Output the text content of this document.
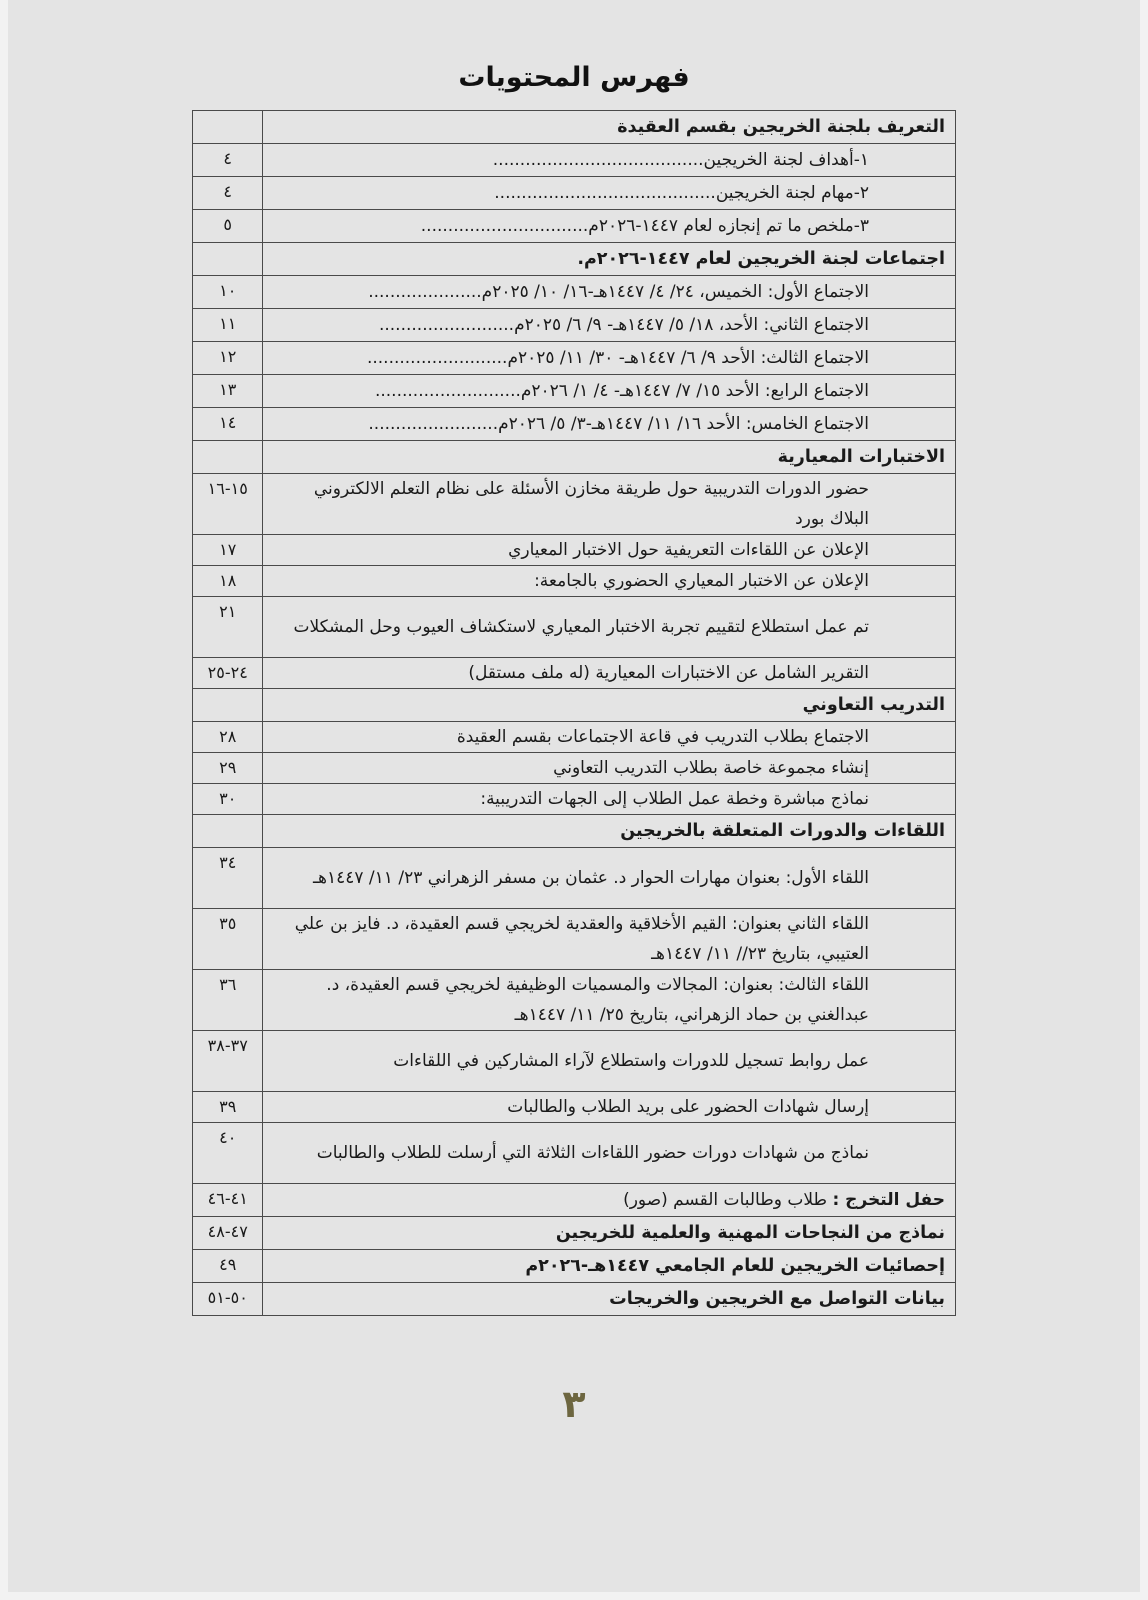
فهرس المحتويات
التعريف بلجنة الخريجين بقسم العقيدة	
١-أهداف لجنة الخريجين.......................................	٤
٢-مهام لجنة الخريجين.........................................	٤
٣-ملخص ما تم إنجازه لعام ١٤٤٧-٢٠٢٦م...............................	٥
اجتماعات لجنة الخريجين لعام ١٤٤٧-٢٠٢٦م.	
الاجتماع الأول: الخميس، ٢٤/ ٤/ ١٤٤٧هـ-١٦/ ١٠/ ٢٠٢٥م.....................	١٠
الاجتماع الثاني: الأحد، ١٨/ ٥/ ١٤٤٧هـ- ٩/ ٦/ ٢٠٢٥م.........................	١١
الاجتماع الثالث: الأحد ٩/ ٦/ ١٤٤٧هـ- ٣٠/ ١١/ ٢٠٢٥م..........................	١٢
الاجتماع الرابع: الأحد ١٥/ ٧/ ١٤٤٧هـ- ٤/ ١/ ٢٠٢٦م...........................	١٣
الاجتماع الخامس: الأحد ١٦/ ١١/ ١٤٤٧هـ-٣/ ٥/ ٢٠٢٦م........................	١٤
الاختبارات المعيارية	
حضور الدورات التدريبية حول طريقة مخازن الأسئلة على نظام التعلم الالكتروني البلاك بورد	١٥-١٦
الإعلان عن اللقاءات التعريفية حول الاختبار المعياري	١٧
الإعلان عن الاختبار المعياري الحضوري بالجامعة:	١٨
تم عمل استطلاع لتقييم تجربة الاختبار المعياري لاستكشاف العيوب وحل المشكلات	٢١
التقرير الشامل عن الاختبارات المعيارية (له ملف مستقل)	٢٤-٢٥
التدريب التعاوني	
الاجتماع بطلاب التدريب في قاعة الاجتماعات بقسم العقيدة	٢٨
إنشاء مجموعة خاصة بطلاب التدريب التعاوني	٢٩
نماذج مباشرة وخطة عمل الطلاب إلى الجهات التدريبية:	٣٠
اللقاءات والدورات المتعلقة بالخريجين	
اللقاء الأول: بعنوان مهارات الحوار د. عثمان بن مسفر الزهراني ٢٣/ ١١/ ١٤٤٧هـ	٣٤
اللقاء الثاني بعنوان: القيم الأخلاقية والعقدية لخريجي قسم العقيدة، د. فايز بن علي العتيبي، بتاريخ ٢٣// ١١/ ١٤٤٧هـ	٣٥
اللقاء الثالث: بعنوان: المجالات والمسميات الوظيفية لخريجي قسم العقيدة، د. عبدالغني بن حماد الزهراني، بتاريخ ٢٥/ ١١/ ١٤٤٧هـ	٣٦
عمل روابط تسجيل للدورات واستطلاع لآراء المشاركين في اللقاءات	٣٧-٣٨
إرسال شهادات الحضور على بريد الطلاب والطالبات	٣٩
نماذج من شهادات دورات حضور اللقاءات الثلاثة التي أرسلت للطلاب والطالبات	٤٠
حفل التخرج : طلاب وطالبات القسم (صور)	٤١-٤٦
نماذج من النجاحات المهنية والعلمية للخريجين	٤٧-٤٨
إحصائيات الخريجين للعام الجامعي ١٤٤٧هـ-٢٠٢٦م	٤٩
بيانات التواصل مع الخريجين والخريجات	٥٠-٥١
٣
